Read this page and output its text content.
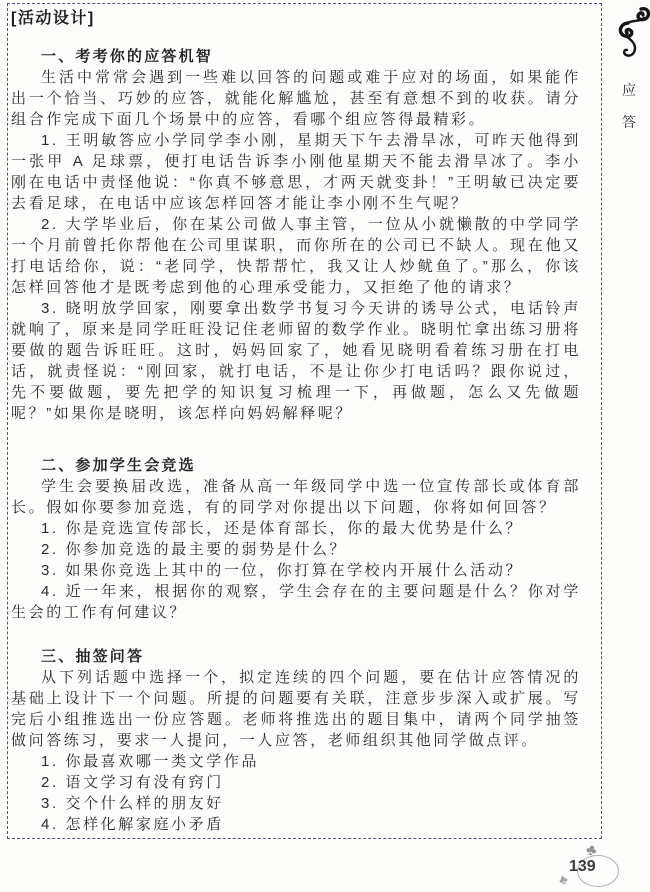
[活动设计]
一、考考你的应答机智

生活中常常会遇到一些难以回答的问题或难于应对的场面，如果能作出一个恰当、巧妙的应答，就能化解尴尬，甚至有意想不到的收获。请分组合作完成下面几个场景中的应答，看哪个组应答得最精彩。

1. 王明敏答应小学同学李小刚，星期天下午去滑旱冰，可昨天他得到一张甲 A 足球票，便打电话告诉李小刚他星期天不能去滑旱冰了。李小刚在电话中责怪他说：“你真不够意思，才两天就变卦！”王明敏已决定要去看足球，在电话中应该怎样回答才能让李小刚不生气呢？

2. 大学毕业后，你在某公司做人事主管，一位从小就懒散的中学同学一个月前曾托你帮他在公司里谋职，而你所在的公司已不缺人。现在他又打电话给你，说：“老同学，快帮帮忙，我又让人炒鱿鱼了。”那么，你该怎样回答他才是既考虑到他的心理承受能力，又拒绝了他的请求？

3. 晓明放学回家，刚要拿出数学书复习今天讲的诱导公式，电话铃声就响了，原来是同学旺旺没记住老师留的数学作业。晓明忙拿出练习册将要做的题告诉旺旺。这时，妈妈回家了，她看见晓明看着练习册在打电话，就责怪说：“刚回家，就打电话，不是让你少打电话吗？跟你说过，先不要做题，要先把学的知识复习梳理一下，再做题，怎么又先做题呢？”如果你是晓明，该怎样向妈妈解释呢？

二、参加学生会竞选

学生会要换届改选，准备从高一年级同学中选一位宣传部长或体育部长。假如你要参加竞选，有的同学对你提出以下问题，你将如何回答？

1. 你是竞选宣传部长，还是体育部长，你的最大优势是什么？

2. 你参加竞选的最主要的弱势是什么？

3. 如果你竞选上其中的一位，你打算在学校内开展什么活动？

4. 近一年来，根据你的观察，学生会存在的主要问题是什么？你对学生会的工作有何建议？

三、抽签问答

从下列话题中选择一个，拟定连续的四个问题，要在估计应答情况的基础上设计下一个问题。所提的问题要有关联，注意步步深入或扩展。写完后小组推选出一份应答题。老师将推选出的题目集中，请两个同学抽签做问答练习，要求一人提问，一人应答，老师组织其他同学做点评。

1. 你最喜欢哪一类文学作品

2. 语文学习有没有窍门

3. 交个什么样的朋友好

4. 怎样化解家庭小矛盾

应
答
♣
♣
139
